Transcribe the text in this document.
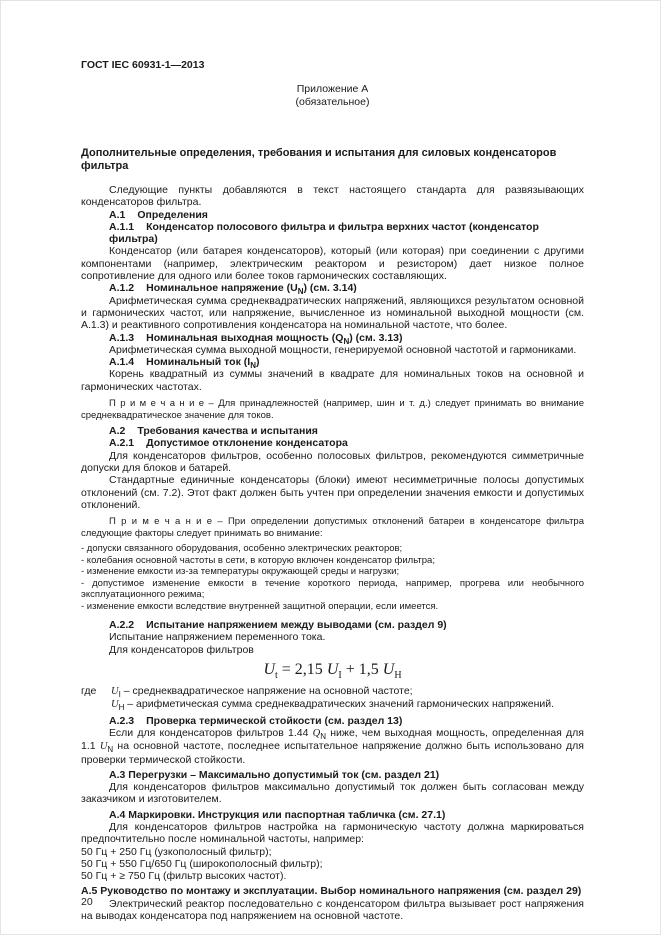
ГОСТ IEC 60931-1—2013
Приложение А
(обязательное)
Дополнительные определения, требования и испытания для силовых конденсаторов фильтра

Следующие пункты добавляются в текст настоящего стандарта для развязывающих конденсаторов фильтра.

А.1 Определения

А.1.1 Конденсатор полосового фильтра и фильтра верхних частот (конденсатор фильтра)

Конденсатор (или батарея конденсаторов), который (или которая) при соединении с другими компонентами (например, электрическим реактором и резистором) дает низкое полное сопротивление для одного или более токов гармонических составляющих.

А.1.2 Номинальное напряжение $(U_N)$ (см. 3.14)

Арифметическая сумма среднеквадратических напряжений, являющихся результатом основной и гармонических частот, или напряжение, вычисленное из номинальной выходной мощности (см. А.1.3) и реактивного сопротивления конденсатора на номинальной частоте, что более.

А.1.3 Номинальная выходная мощность $(Q_N)$ (см. 3.13)

Арифметическая сумма выходной мощности, генерируемой основной частотой и гармониками.

А.1.4 Номинальный ток $(I_N)$

Корень квадратный из суммы значений в квадрате для номинальных токов на основной и гармонических частотах.

П р и м е ч а н и е – Для принадлежностей (например, шин и т. д.) следует принимать во внимание среднеквадратическое значение для токов.

А.2 Требования качества и испытания

А.2.1 Допустимое отклонение конденсатора

Для конденсаторов фильтров, особенно полосовых фильтров, рекомендуются симметричные допуски для блоков и батарей.

Стандартные единичные конденсаторы (блоки) имеют несимметричные полосы допустимых отклонений (см. 7.2). Этот факт должен быть учтен при определении значения емкости и допустимых отклонений.

П р и м е ч а н и е – При определении допустимых отклонений батареи в конденсаторе фильтра следующие факторы следует принимать во внимание:

- допуски связанного оборудования, особенно электрических реакторов;

- колебания основной частоты в сети, в которую включен конденсатор фильтра;

- изменение емкости из-за температуры окружающей среды и нагрузки;

- допустимое изменение емкости в течение короткого периода, например, прогрева или необычного эксплуатационного режима;

- изменение емкости вследствие внутренней защитной операции, если имеется.

А.2.2 Испытание напряжением между выводами (см. раздел 9)

Испытание напряжением переменного тока.

Для конденсаторов фильтров

$U_t = 2,15$ $U_I + 1,5$ $U_H$
где $U_I$ – среднеквадратическое напряжение на основной частоте;
$U_H$ – арифметическая сумма среднеквадратических значений гармонических напряжений.

А.2.3 Проверка термической стойкости (см. раздел 13)

Если для конденсаторов фильтров 1.44 $Q_N$ ниже, чем выходная мощность, определенная для 1.1 $U_N$ на основной частоте, последнее испытательное напряжение должно быть использовано для проверки термической стойкости.

А.3 Перегрузки – Максимально допустимый ток (см. раздел 21)

Для конденсаторов фильтров максимально допустимый ток должен быть согласован между заказчиком и изготовителем.

А.4 Маркировки. Инструкция или паспортная табличка (см. 27.1)

Для конденсаторов фильтров настройка на гармоническую частоту должна маркироваться предпочтительно после номинальной частоты, например:

50 Гц + 250 Гц (узкополосный фильтр);

50 Гц + 550 Гц/650 Гц (широкополосный фильтр);

50 Гц + ≥ 750 Гц (фильтр высоких частот).

А.5 Руководство по монтажу и эксплуатации. Выбор номинального напряжения (см. раздел 29)

Электрический реактор последовательно с конденсатором фильтра вызывает рост напряжения на выводах конденсатора под напряжением на основной частоте.

20
